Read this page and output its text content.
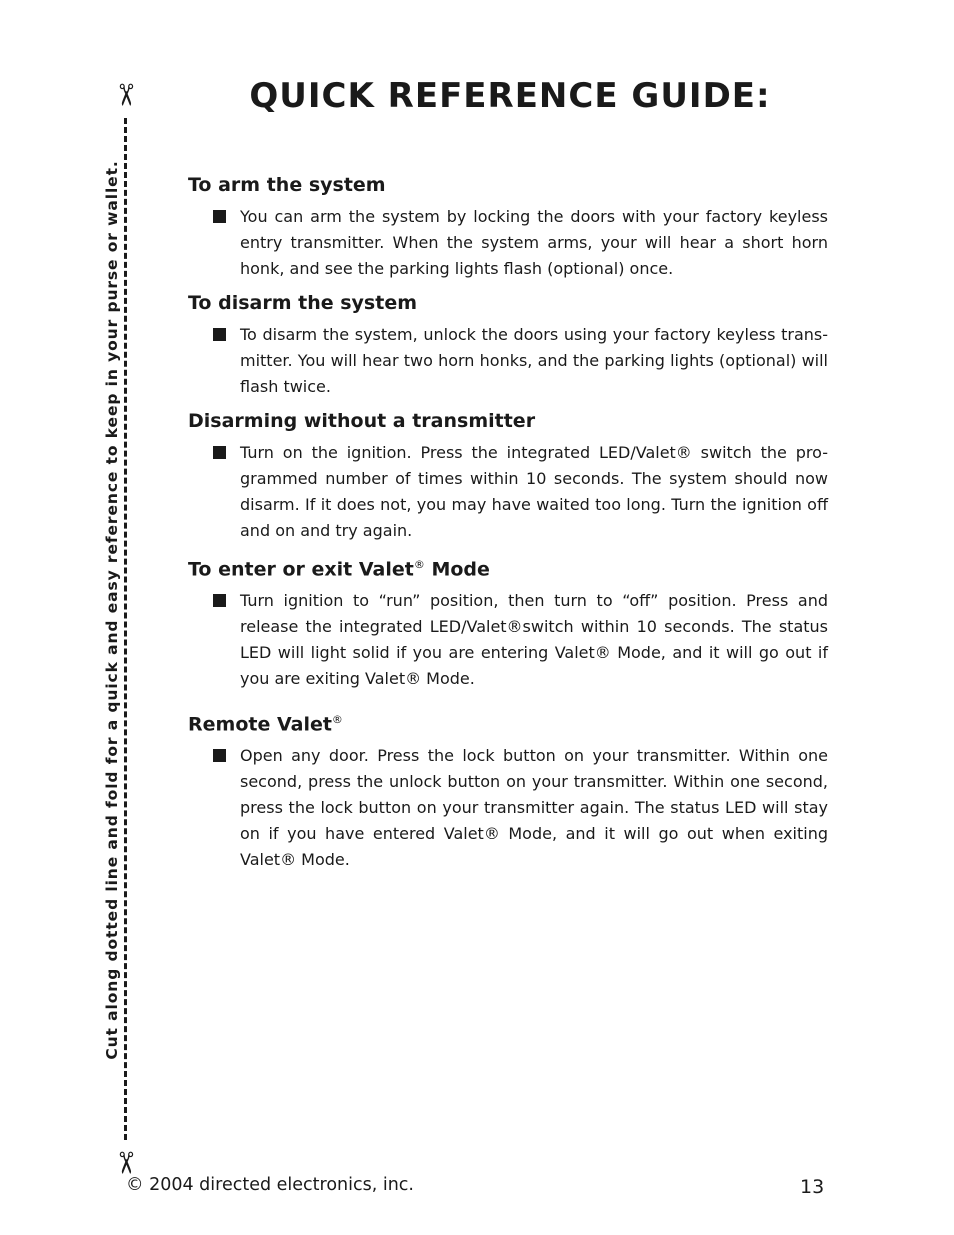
QUICK REFERENCE GUIDE:
✂
✂
Cut along dotted line and fold for a quick and easy reference to keep in your purse or wallet.	To arm the system

You can arm the system by locking the doors with your factory keyless entry transmitter. When the system arms, your will hear a short horn honk, and see the parking lights flash (optional) once.

To disarm the system

To disarm the system, unlock the doors using your factory keyless trans-mitter. You will hear two horn honks, and the parking lights (optional) will flash twice.

Disarming without a transmitter

Turn on the ignition. Press the integrated LED/Valet® switch the pro-grammed number of times within 10 seconds. The system should now disarm. If it does not, you may have waited too long. Turn the ignition off and on and try again.

To enter or exit Valet® Mode

Turn ignition to “run” position, then turn to “off” position. Press and release the integrated LED/Valet®switch within 10 seconds. The status LED will light solid if you are entering Valet® Mode, and it will go out if you are exiting Valet® Mode.

Remote Valet®

Open any door. Press the lock button on your transmitter. Within one second, press the unlock button on your transmitter. Within one second, press the lock button on your transmitter again. The status LED will stay on if you have entered Valet® Mode, and it will go out when exiting Valet® Mode.

© 2004 directed electronics, inc.	13
